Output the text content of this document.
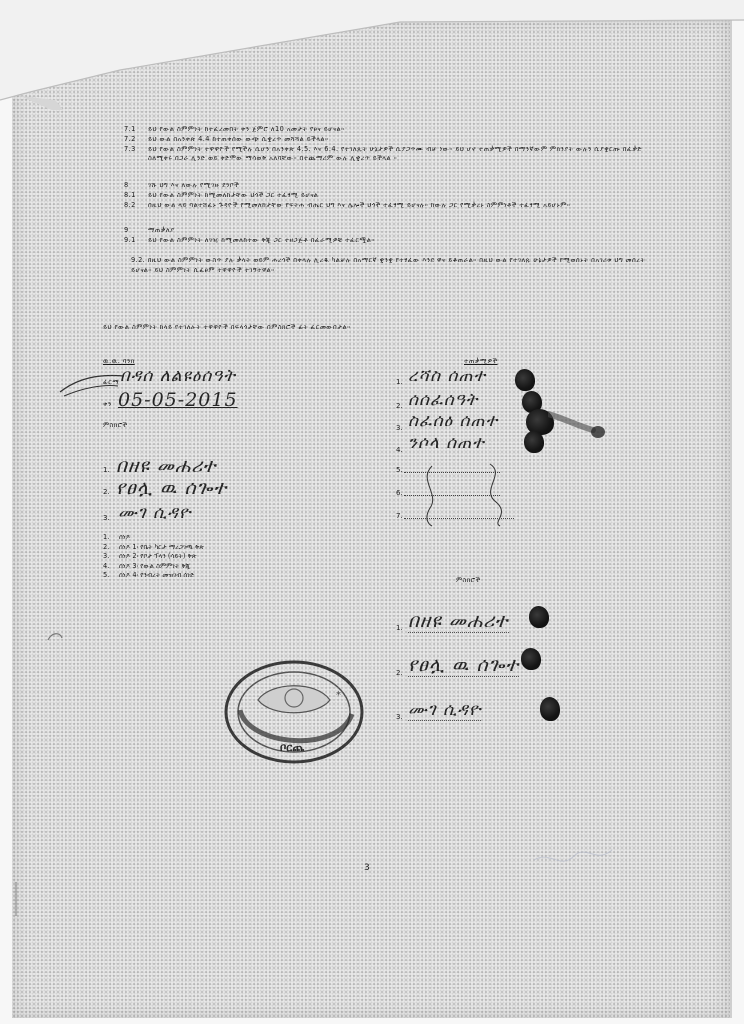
7.1	ይህ የውል ስምምነት ከተፈረመበት ቀን ጀምሮ ለ10 አመታት የፀና ይሆናል።
7.2	ይህ ውል በአንቀጽ 4.4 ከተጠቀሰው ውጭ ሲቋረጥ መሻሻል ይችላል።
7.3	ይህ የውል ስምምነት ተዋዋዮች የሚችሉ ሲሆን በአንቀጽ 4.5. እና 6.4. የተገለጹት ሁኔታዎች ሲያጋጥሙ ብቻ ነው። ይህ ሆኖ ተጠቃሚዎች በማንኛውም ምክንያት ውሉን ሲያቋርጡ በፈቃድ ስለሚቀሩ በጋራ ሊንድ ወይ ቀድሞው ማሳወቅ አለባቸው። በተጨማሪም ውሉ ሊቋረጥ ይችላል ።
8	ገሹ ህግ እና ለውሉ የሚገዙ ደንቦች
8.1	ይህ የውል ስምምነት ከሚመለከታቸው ህጎች ጋር ተፈፃሚ ይሆናል
8.2	በዚህ ውል ላይ ባልተሸፈኑ ጉዳዮች የሚመለከታቸው የፍትሐ ብሔር ህግ እና ሌሎች ህጎች ተፈፃሚ ይሆናሉ። ከውሉ ጋር የሚቃረኑ ስምምነቶች ተፈፃሚ አይሆኑም።
9	ማጠቃለያ
9.1	ይህ የውል ስምምነት ለገዢ ከሚመለከተው ቅጂ ጋር ተዘጋጅቶ በፈራሚዎቹ ተፈርሟል።
9.2. በዚህ ውል ስምምነት ውስጥ ያሉ ቃላት ወይም ሐረጎች በቀላሉ ሊረዱ ካልቻሉ በአማርኛ ቋንቋ የተፃፈው እንደ ዋና ይቆጠራል። በዚህ ውል የተገለጹ ሁኔታዎች የሚወሰኑት በአገሪቱ ህግ መሰረት ይሆናል። ይህ ስምምነት ሲፈፀም ተዋዋዮች ተገኝተዋል።
ይህ የውል ስምምነት ከላይ የተገለፁት ተዋዋዮች በፍላጎታቸው በምስክሮች ፊት ፈርመውበታል።
ዉ.ዉ. ባንክ
ፊርማ በዳሰ ለልዩዕሰዓት
ቀን 05-05-2015
ተጠቃሚዎች
1. ረሻስ ሰጠተ
2. ሰሰፈሰዓት
3. ስፈሰዕ ሰጠተ
4. ንሶላ ሰጠተ
5.
6.
7.
ምስክሮች
1. በዘዩ መሐሪተ
2. የፀሏ ዉ ሰጐተ
3. ሙገ ሲዳዮ
1.	ሰነዶ
2.	ሰነዶ 1፡ የቤት ካርታ ማረጋገጫ ቅጽ
3.	ሰነዶ 2፡ የቦታ ፕላን (ሳይት) ቅጽ
4.	ሰነዶ 3፡ የውል ስምምነት ቅጂ
5.	ሰነዶ 4፡ የንብረት መዝገብ ሰነድ
ምስክሮች
1. በዘዩ መሐሪተ
2. የፀሏ ዉ ሰጐተ
3. ሙገ ሲዳዮ
*
ቦርጨ
3
